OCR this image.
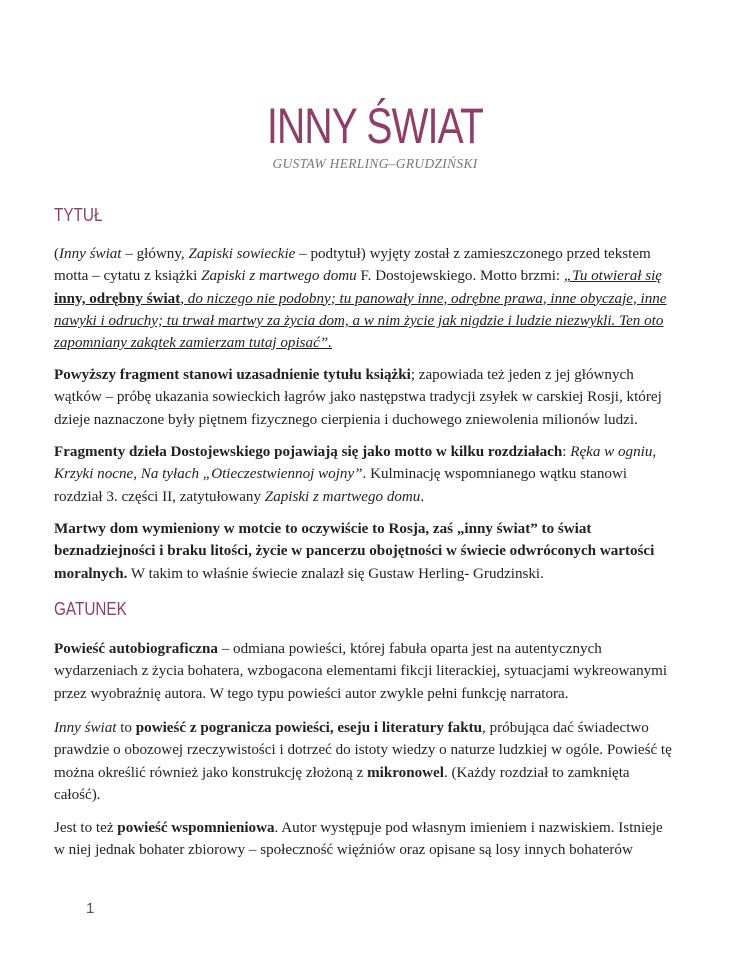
INNY ŚWIAT
GUSTAW HERLING–GRUDZIŃSKI
TYTUŁ

(Inny świat – główny, Zapiski sowieckie – podtytuł) wyjęty został z zamieszczonego przed tekstem motta – cytatu z książki Zapiski z martwego domu F. Dostojewskiego. Motto brzmi: „Tu otwierał się inny, odrębny świat, do niczego nie podobny; tu panowały inne, odrębne prawa, inne obyczaje, inne nawyki i odruchy; tu trwał martwy za życia dom, a w nim życie jak nigdzie i ludzie niezwykli. Ten oto zapomniany zakątek zamierzam tutaj opisać”.

Powyższy fragment stanowi uzasadnienie tytułu książki; zapowiada też jeden z jej głównych wątków – próbę ukazania sowieckich łagrów jako następstwa tradycji zsyłek w carskiej Rosji, której dzieje naznaczone były piętnem fizycznego cierpienia i duchowego zniewolenia milionów ludzi.

Fragmenty dzieła Dostojewskiego pojawiają się jako motto w kilku rozdziałach: Ręka w ogniu, Krzyki nocne, Na tyłach „Otieczestwiennoj wojny”. Kulminację wspomnianego wątku stanowi rozdział 3. części II, zatytułowany Zapiski z martwego domu.

Martwy dom wymieniony w motcie to oczywiście to Rosja, zaś „inny świat” to świat beznadziejności i braku litości, życie w pancerzu obojętności w świecie odwróconych wartości moralnych. W takim to właśnie świecie znalazł się Gustaw Herling- Grudzinski.

GATUNEK

Powieść autobiograficzna – odmiana powieści, której fabuła oparta jest na autentycznych wydarzeniach z życia bohatera, wzbogacona elementami fikcji literackiej, sytuacjami wykreowanymi przez wyobraźnię autora. W tego typu powieści autor zwykle pełni funkcję narratora.

Inny świat to powieść z pogranicza powieści, eseju i literatury faktu, próbująca dać świadectwo prawdzie o obozowej rzeczywistości i dotrzeć do istoty wiedzy o naturze ludzkiej w ogóle. Powieść tę można określić również jako konstrukcję złożoną z mikronowel. (Każdy rozdział to zamknięta całość).

Jest to też powieść wspomnieniowa. Autor występuje pod własnym imieniem i nazwiskiem. Istnieje w niej jednak bohater zbiorowy – społeczność więźniów oraz opisane są losy innych bohaterów

1
